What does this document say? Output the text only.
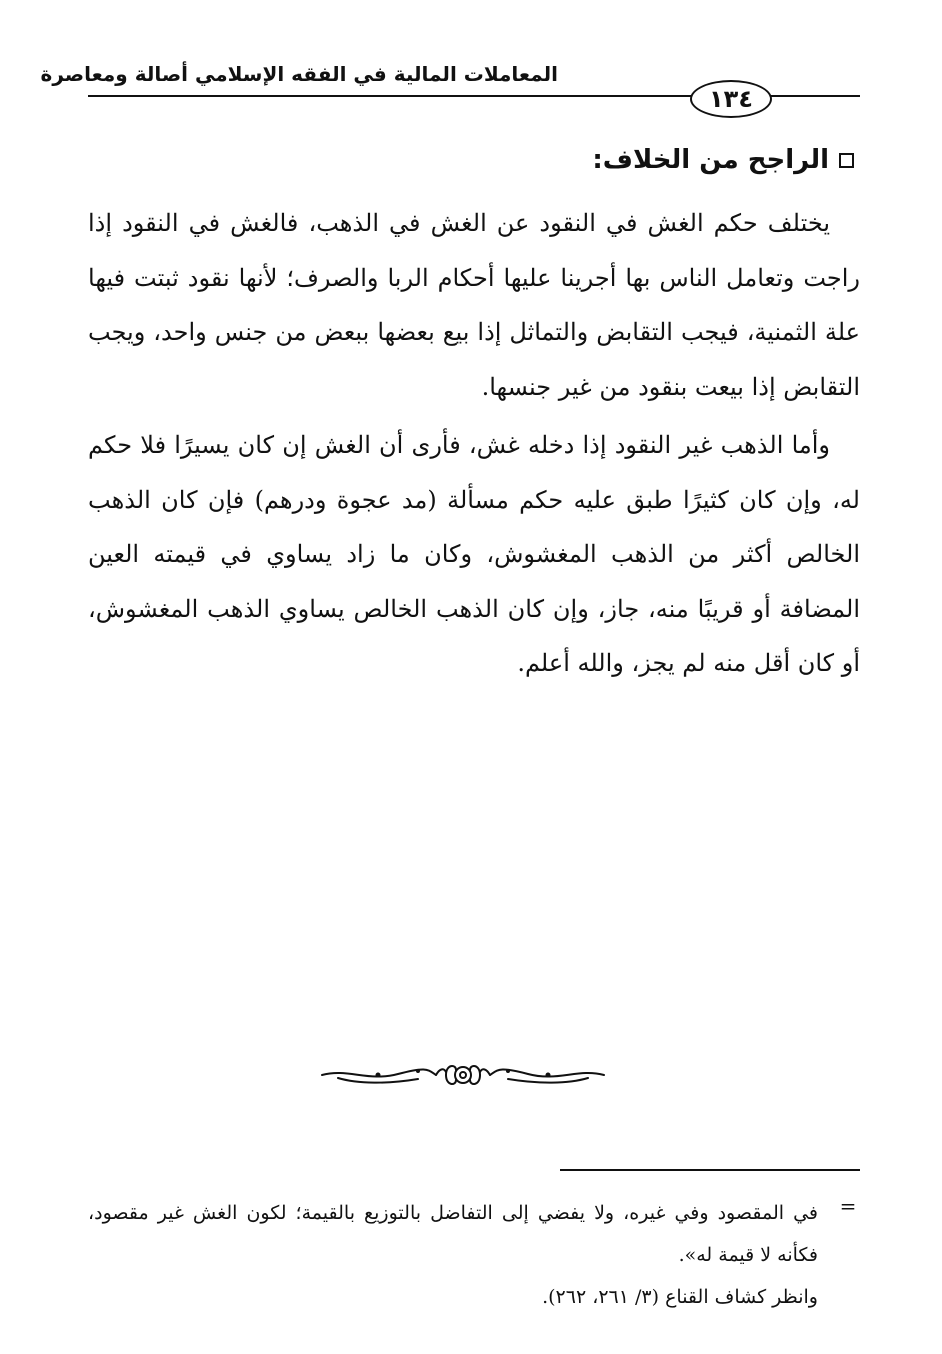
المعاملات المالية في الفقه الإسلامي أصالة ومعاصرة
١٣٤
الراجح من الخلاف:

يختلف حكم الغش في النقود عن الغش في الذهب، فالغش في النقود إذا راجت وتعامل الناس بها أجرينا عليها أحكام الربا والصرف؛ لأنها نقود ثبتت فيها علة الثمنية، فيجب التقابض والتماثل إذا بيع بعضها ببعض من جنس واحد، ويجب التقابض إذا بيعت بنقود من غير جنسها.

وأما الذهب غير النقود إذا دخله غش، فأرى أن الغش إن كان يسيرًا فلا حكم له، وإن كان كثيرًا طبق عليه حكم مسألة (مد عجوة ودرهم) فإن كان الذهب الخالص أكثر من الذهب المغشوش، وكان ما زاد يساوي في قيمته العين المضافة أو قريبًا منه، جاز، وإن كان الذهب الخالص يساوي الذهب المغشوش، أو كان أقل منه لم يجز، والله أعلم.

=

في المقصود وفي غيره، ولا يفضي إلى التفاضل بالتوزيع بالقيمة؛ لكون الغش غير مقصود، فكأنه لا قيمة له».

وانظر كشاف القناع (٣/ ٢٦١، ٢٦٢).
